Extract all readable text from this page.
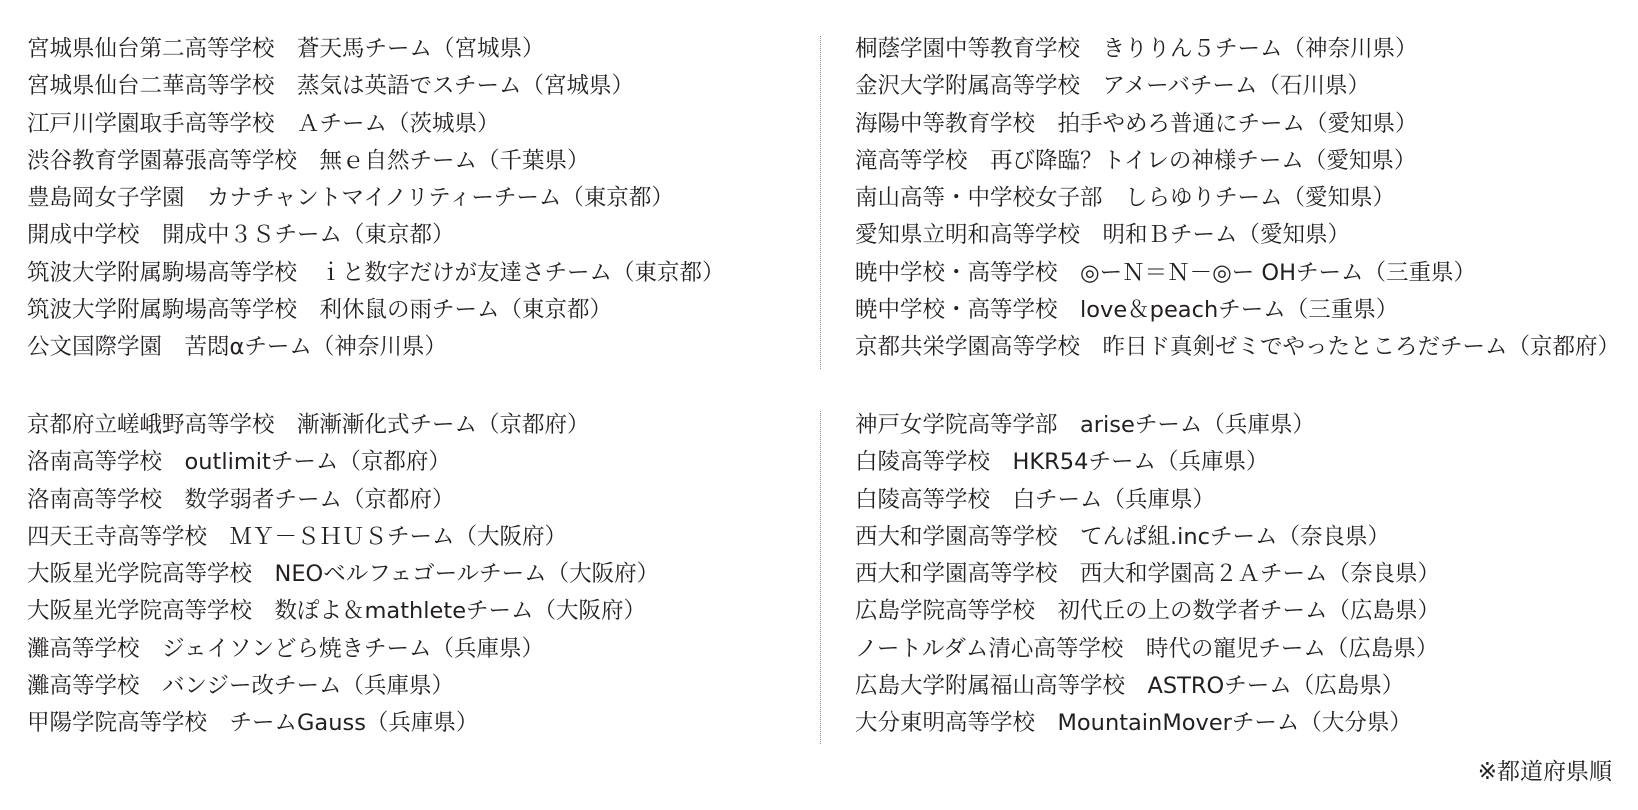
宮城県仙台第二高等学校　蒼天馬チーム（宮城県）
宮城県仙台二華高等学校　蒸気は英語でスチーム（宮城県）
江戸川学園取手高等学校　Ａチーム（茨城県）
渋谷教育学園幕張高等学校　無ｅ自然チーム（千葉県）
豊島岡女子学園　カナチャントマイノリティーチーム（東京都）
開成中学校　開成中３Ｓチーム（東京都）
筑波大学附属駒場高等学校　ｉと数字だけが友達さチーム（東京都）
筑波大学附属駒場高等学校　利休鼠の雨チーム（東京都）
公文国際学園　苦悶αチーム（神奈川県）
京都府立嵯峨野高等学校　漸漸漸化式チーム（京都府）
洛南高等学校　outlimitチーム（京都府）
洛南高等学校　数学弱者チーム（京都府）
四天王寺高等学校　ＭＹ－ＳＨＵＳチーム（大阪府）
大阪星光学院高等学校　NEOベルフェゴールチーム（大阪府）
大阪星光学院高等学校　数ぽよ＆mathleteチーム（大阪府）
灘高等学校　ジェイソンどら焼きチーム（兵庫県）
灘高等学校　バンジー改チーム（兵庫県）
甲陽学院高等学校　チームGauss（兵庫県）
桐蔭学園中等教育学校　きりりん５チーム（神奈川県）
金沢大学附属高等学校　アメーバチーム（石川県）
海陽中等教育学校　拍手やめろ普通にチーム（愛知県）
滝高等学校　再び降臨？トイレの神様チーム（愛知県）
南山高等・中学校女子部　しらゆりチーム（愛知県）
愛知県立明和高等学校　明和Ｂチーム（愛知県）
暁中学校・高等学校　◎ーＮ＝Ｎ－◎ー OHチーム（三重県）
暁中学校・高等学校　love＆peachチーム（三重県）
京都共栄学園高等学校　昨日ド真剣ゼミでやったところだチーム（京都府）
神戸女学院高等学部　ariseチーム（兵庫県）
白陵高等学校　HKR54チーム（兵庫県）
白陵高等学校　白チーム（兵庫県）
西大和学園高等学校　てんぱ組.incチーム（奈良県）
西大和学園高等学校　西大和学園高２Ａチーム（奈良県）
広島学院高等学校　初代丘の上の数学者チーム（広島県）
ノートルダム清心高等学校　時代の寵児チーム（広島県）
広島大学附属福山高等学校　ASTROチーム（広島県）
大分東明高等学校　MountainMoverチーム（大分県）
※都道府県順
